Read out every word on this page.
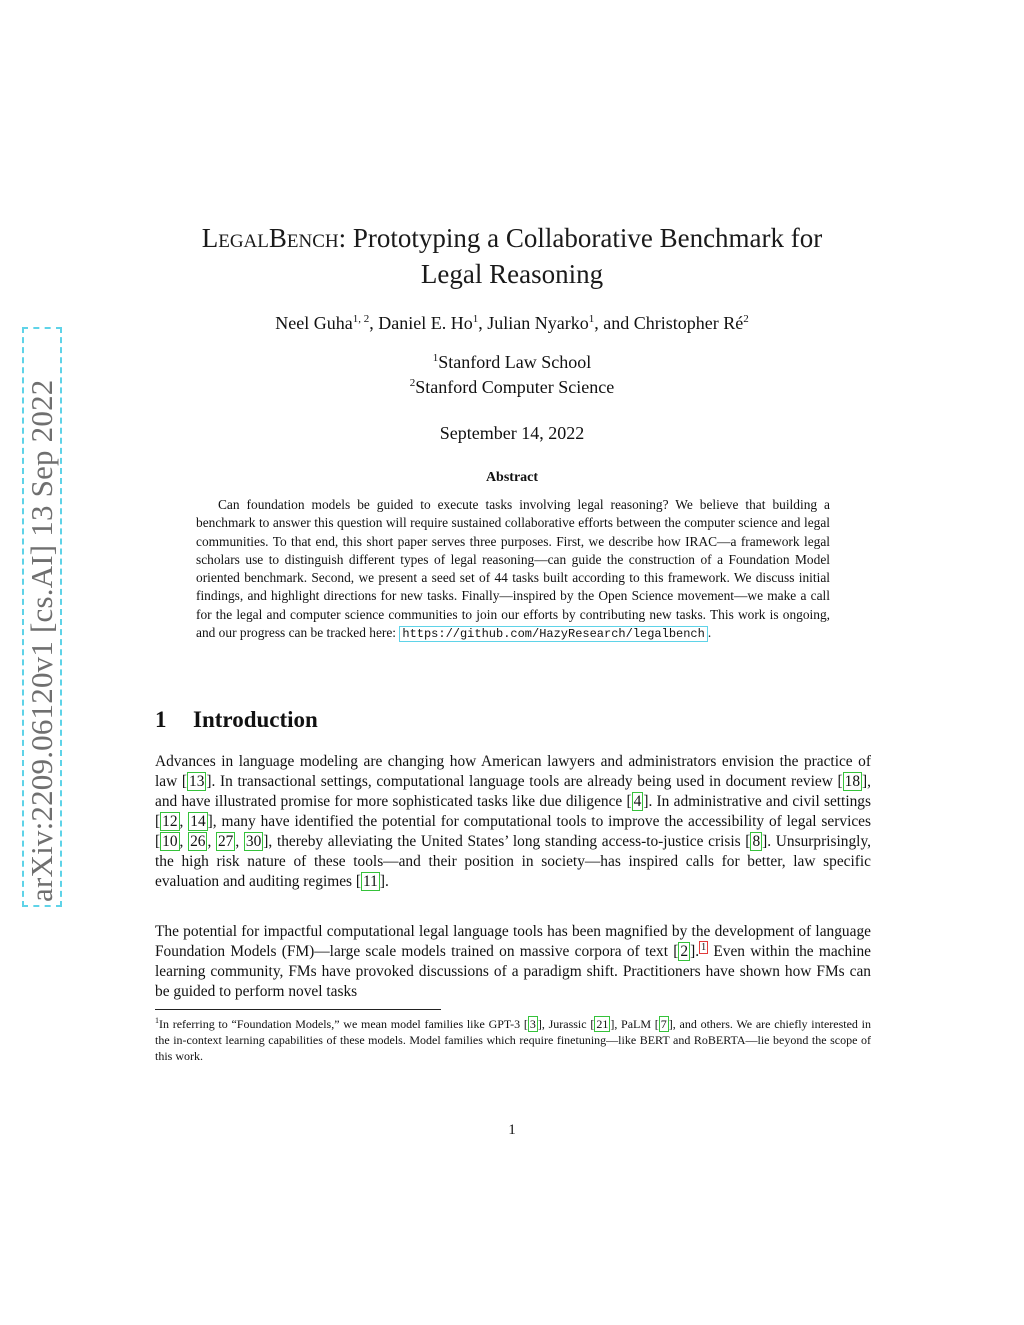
arXiv:2209.06120v1 [cs.AI] 13 Sep 2022
LegalBench: Prototyping a Collaborative Benchmark for
Legal Reasoning
Neel Guha$^{1, 2}$, Daniel E. Ho$^1$, Julian Nyarko$^1$, and Christopher $Ré^2$
$^1$Stanford Law School
$^2$Stanford Computer Science
September 14, 2022
Abstract
Can foundation models be guided to execute tasks involving legal reasoning? We believe that building a benchmark to answer this question will require sustained collaborative efforts between the computer science and legal communities. To that end, this short paper serves three purposes. First, we describe how IRAC—a framework legal scholars use to distinguish different types of legal reasoning—can guide the construction of a Foundation Model oriented benchmark. Second, we present a seed set of 44 tasks built according to this framework. We discuss initial findings, and highlight directions for new tasks. Finally—inspired by the Open Science movement—we make a call for the legal and computer science communities to join our efforts by contributing new tasks. This work is ongoing, and our progress can be tracked here: https://github.com/HazyResearch/legalbench .
1 Introduction
Advances in language modeling are changing how American lawyers and administrators envision the practice of law [ 13 ]. In transactional settings, computational language tools are already being used in document review [ 18 ], and have illustrated promise for more sophisticated tasks like due diligence [ 4 ]. In administrative and civil settings [ 12 , 14 ], many have identified the potential for computational tools to improve the accessibility of legal services [ 10 , 26 , 27 , 30 ], thereby alleviating the United States’ long standing access-to-justice crisis [ 8 ]. Unsurprisingly, the high risk nature of these tools—and their position in society—has inspired calls for better, law specific evaluation and auditing regimes [ 11 ].
The potential for impactful computational legal language tools has been magnified by the development of language Foundation Models (FM)—large scale models trained on massive corpora of text [ 2 ]. $^1$ Even within the machine learning community, FMs have provoked discussions of a paradigm shift. Practitioners have shown how FMs can be guided to perform novel tasks
$^1$In referring to “Foundation Models,” we mean model families like GPT-3 [ 3 ], Jurassic [ 21 ], PaLM [ 7 ], and others. We are chiefly interested in the in-context learning capabilities of these models. Model families which require finetuning—like BERT and RoBERTA—lie beyond the scope of this work.
1
